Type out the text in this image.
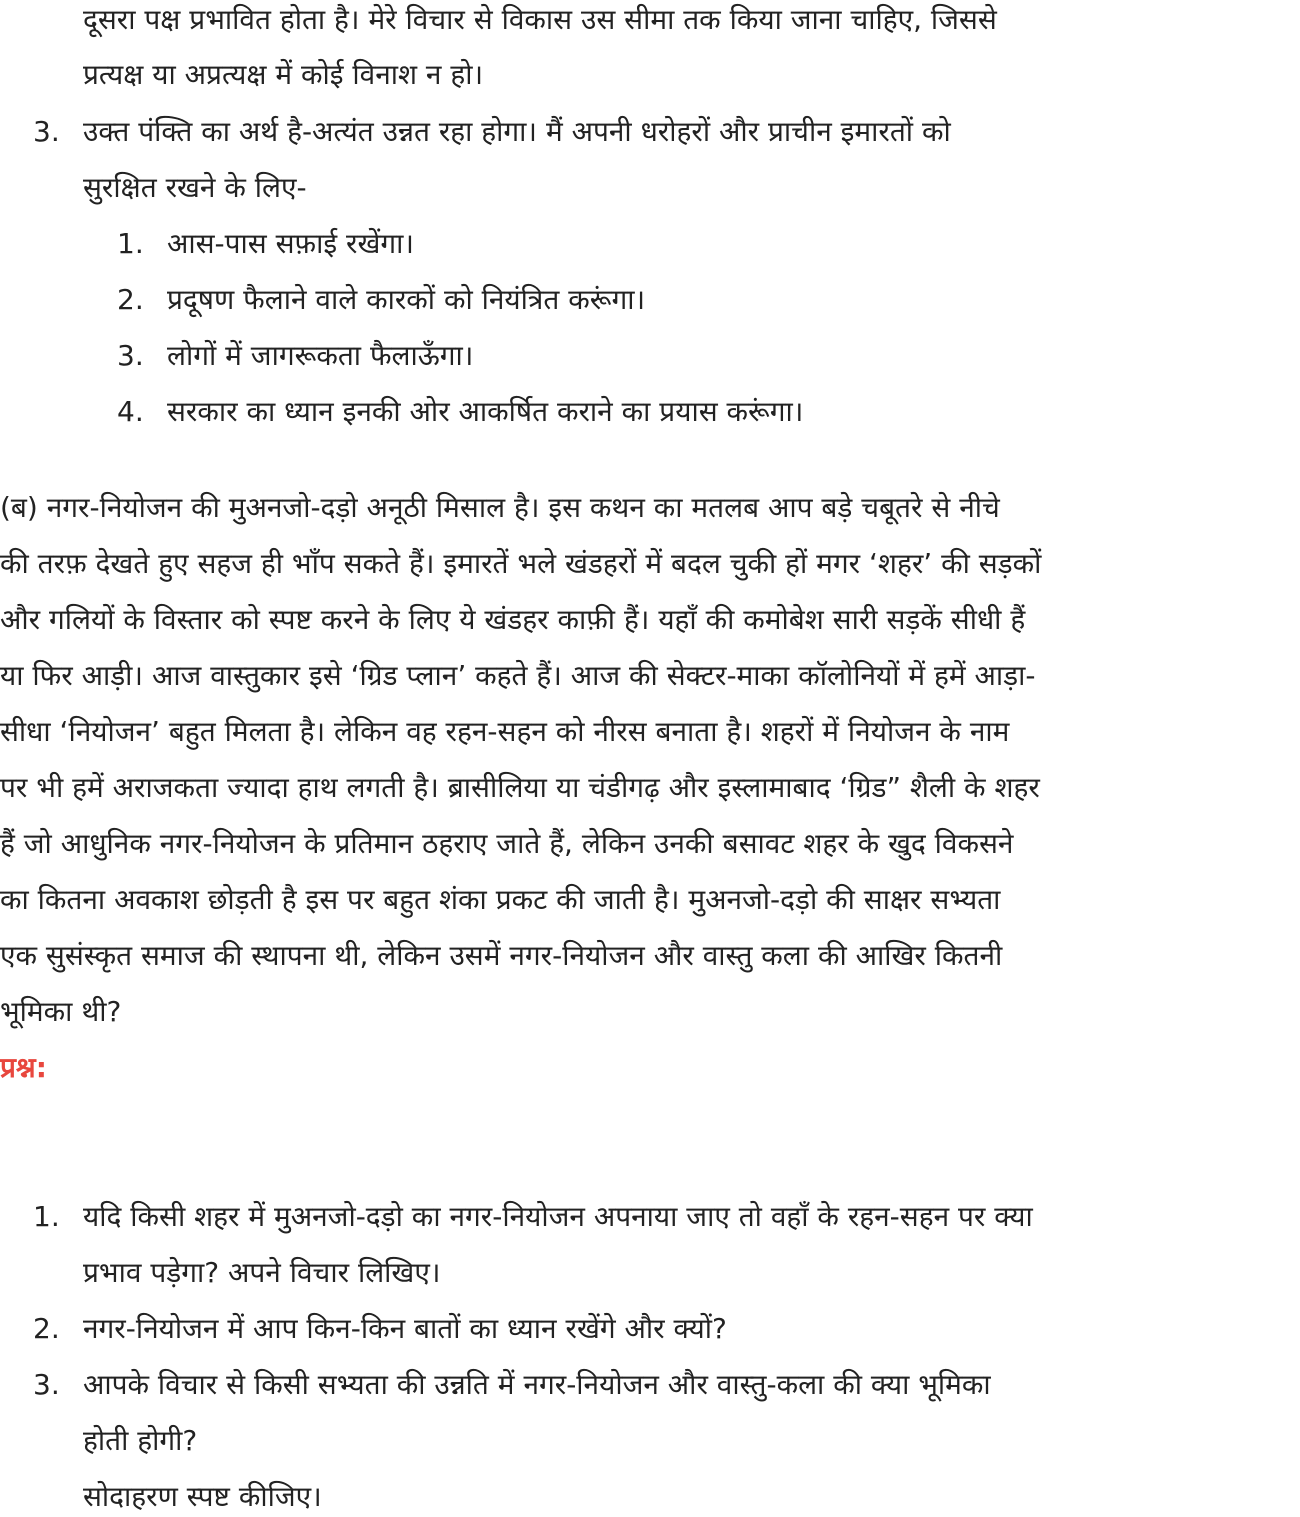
दूसरा पक्ष प्रभावित होता है। मेरे विचार से विकास उस सीमा तक किया जाना चाहिए, जिससे
प्रत्यक्ष या अप्रत्यक्ष में कोई विनाश न हो।
3. उक्त पंक्ति का अर्थ है-अत्यंत उन्नत रहा होगा। मैं अपनी धरोहरों और प्राचीन इमारतों को
सुरक्षित रखने के लिए-
1. आस-पास सफ़ाई रखेंगा।
2. प्रदूषण फैलाने वाले कारकों को नियंत्रित करूंगा।
3. लोगों में जागरूकता फैलाऊँगा।
4. सरकार का ध्यान इनकी ओर आकर्षित कराने का प्रयास करूंगा।
(ब) नगर-नियोजन की मुअनजो-दड़ो अनूठी मिसाल है। इस कथन का मतलब आप बड़े चबूतरे से नीचे
की तरफ़ देखते हुए सहज ही भाँप सकते हैं। इमारतें भले खंडहरों में बदल चुकी हों मगर ‘शहर’ की सड़कों
और गलियों के विस्तार को स्पष्ट करने के लिए ये खंडहर काफ़ी हैं। यहाँ की कमोबेश सारी सड़कें सीधी हैं
या फिर आड़ी। आज वास्तुकार इसे ‘ग्रिड प्लान’ कहते हैं। आज की सेक्टर-माका कॉलोनियों में हमें आड़ा-
सीधा ‘नियोजन’ बहुत मिलता है। लेकिन वह रहन-सहन को नीरस बनाता है। शहरों में नियोजन के नाम
पर भी हमें अराजकता ज्यादा हाथ लगती है। ब्रासीलिया या चंडीगढ़ और इस्लामाबाद ‘ग्रिड” शैली के शहर
हैं जो आधुनिक नगर-नियोजन के प्रतिमान ठहराए जाते हैं, लेकिन उनकी बसावट शहर के खुद विकसने
का कितना अवकाश छोड़ती है इस पर बहुत शंका प्रकट की जाती है। मुअनजो-दड़ो की साक्षर सभ्यता
एक सुसंस्कृत समाज की स्थापना थी, लेकिन उसमें नगर-नियोजन और वास्तु कला की आखिर कितनी
भूमिका थी?
प्रश्न:
1. यदि किसी शहर में मुअनजो-दड़ो का नगर-नियोजन अपनाया जाए तो वहाँ के रहन-सहन पर क्या
प्रभाव पड़ेगा? अपने विचार लिखिए।
2. नगर-नियोजन में आप किन-किन बातों का ध्यान रखेंगे और क्यों?
3. आपके विचार से किसी सभ्यता की उन्नति में नगर-नियोजन और वास्तु-कला की क्या भूमिका
होती होगी?
सोदाहरण स्पष्ट कीजिए।
